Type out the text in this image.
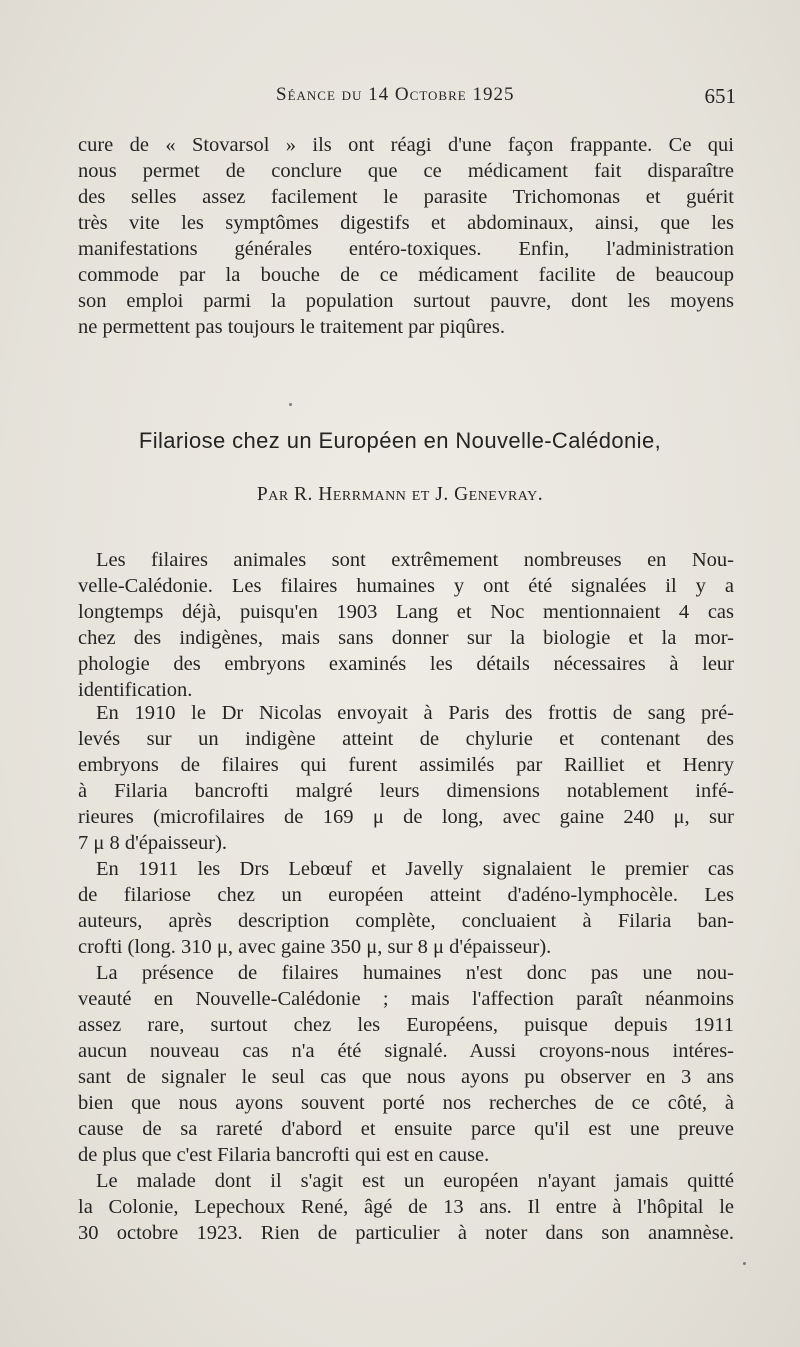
Séance du 14 Octobre 1925	651
cure de « Stovarsol » ils ont réagi d'une façon frappante. Ce qui
nous permet de conclure que ce médicament fait disparaître
des selles assez facilement le parasite Trichomonas et guérit
très vite les symptômes digestifs et abdominaux, ainsi, que les
manifestations générales entéro-toxiques. Enfin, l'administration
commode par la bouche de ce médicament facilite de beaucoup
son emploi parmi la population surtout pauvre, dont les moyens
ne permettent pas toujours le traitement par piqûres.
Filariose chez un Européen en Nouvelle-Calédonie,
Par R. Herrmann et J. Genevray.
Les filaires animales sont extrêmement nombreuses en Nou-
velle-Calédonie. Les filaires humaines y ont été signalées il y a
longtemps déjà, puisqu'en 1903 Lang et Noc mentionnaient 4 cas
chez des indigènes, mais sans donner sur la biologie et la mor-
phologie des embryons examinés les détails nécessaires à leur
identification.
En 1910 le Dr Nicolas envoyait à Paris des frottis de sang pré-
levés sur un indigène atteint de chylurie et contenant des
embryons de filaires qui furent assimilés par Railliet et Henry
à Filaria bancrofti malgré leurs dimensions notablement infé-
rieures (microfilaires de 169 μ de long, avec gaine 240 μ, sur
7 μ 8 d'épaisseur).
En 1911 les Drs Lebœuf et Javelly signalaient le premier cas
de filariose chez un européen atteint d'adéno-lymphocèle. Les
auteurs, après description complète, concluaient à Filaria ban-
crofti (long. 310 μ, avec gaine 350 μ, sur 8 μ d'épaisseur).
La présence de filaires humaines n'est donc pas une nou-
veauté en Nouvelle-Calédonie ; mais l'affection paraît néanmoins
assez rare, surtout chez les Européens, puisque depuis 1911
aucun nouveau cas n'a été signalé. Aussi croyons-nous intéres-
sant de signaler le seul cas que nous ayons pu observer en 3 ans
bien que nous ayons souvent porté nos recherches de ce côté, à
cause de sa rareté d'abord et ensuite parce qu'il est une preuve
de plus que c'est Filaria bancrofti qui est en cause.
Le malade dont il s'agit est un européen n'ayant jamais quitté
la Colonie, Lepechoux René, âgé de 13 ans. Il entre à l'hôpital le
30 octobre 1923. Rien de particulier à noter dans son anamnèse.
